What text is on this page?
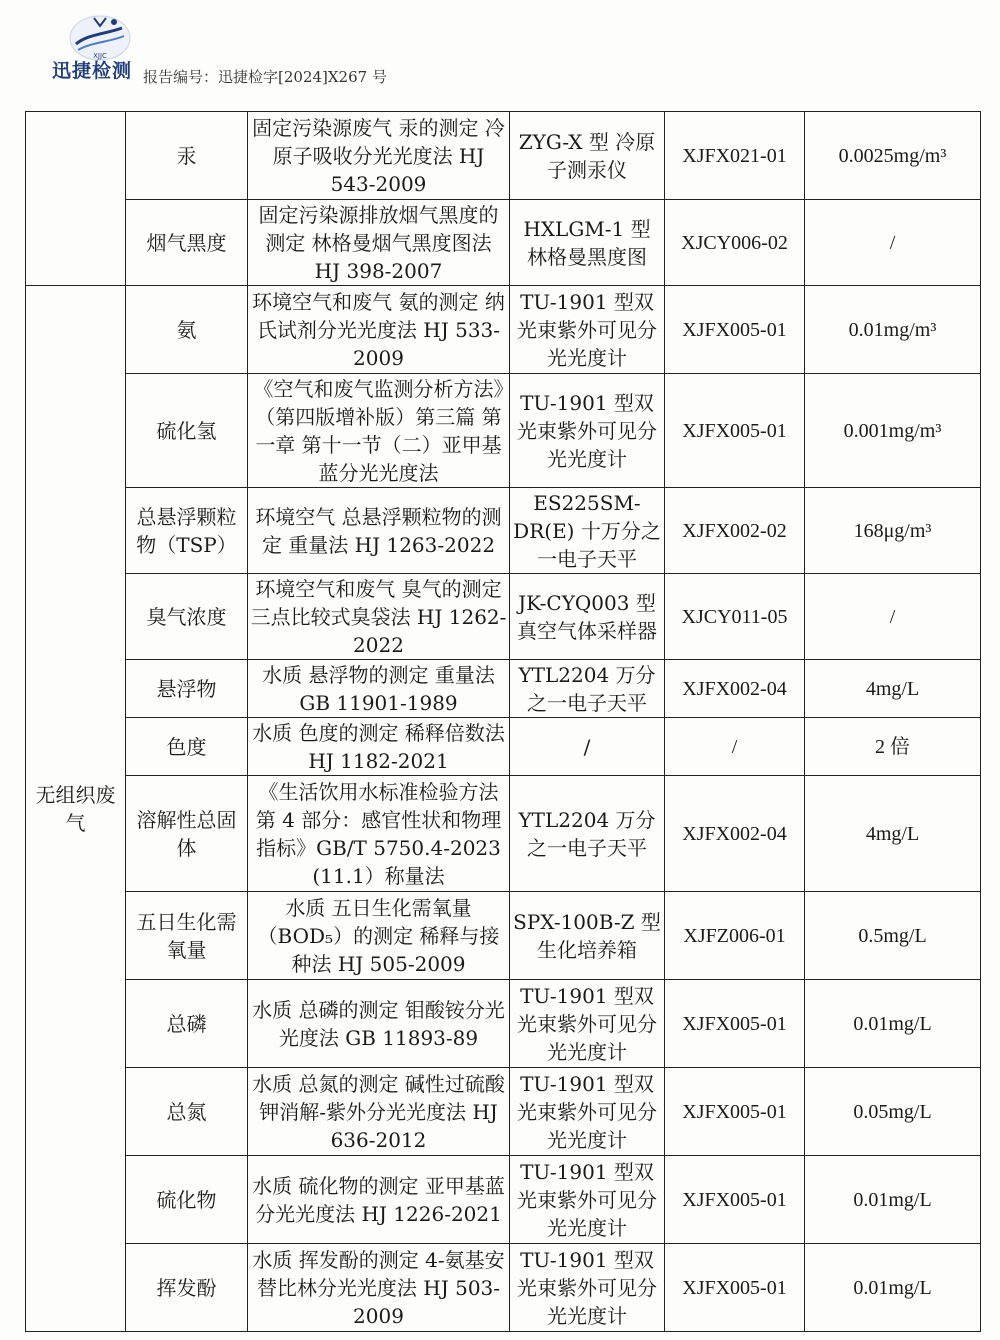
XJJC
迅捷检测 报告编号：迅捷检字[2024]X267 号
	汞	固定污染源废气 汞的测定 冷原子吸收分光光度法 HJ 543-2009	ZYG-X 型 冷原子测汞仪	XJFX021-01	0.0025mg/m³
	烟气黑度	固定污染源排放烟气黑度的测定 林格曼烟气黑度图法 HJ 398-2007	HXLGM-1 型 林格曼黑度图	XJCY006-02	/
无组织废气	氨	环境空气和废气 氨的测定 纳氏试剂分光光度法 HJ 533-2009	TU-1901 型双光束紫外可见分光光度计	XJFX005-01	0.01mg/m³
	硫化氢	《空气和废气监测分析方法》（第四版增补版）第三篇 第一章 第十一节（二）亚甲基蓝分光光度法	TU-1901 型双光束紫外可见分光光度计	XJFX005-01	0.001mg/m³
	总悬浮颗粒物（TSP）	环境空气 总悬浮颗粒物的测定 重量法 HJ 1263-2022	ES225SM-DR(E) 十万分之一电子天平	XJFX002-02	168μg/m³
	臭气浓度	环境空气和废气 臭气的测定 三点比较式臭袋法 HJ 1262-2022	JK-CYQ003 型真空气体采样器	XJCY011-05	/
	悬浮物	水质 悬浮物的测定 重量法 GB 11901-1989	YTL2204 万分之一电子天平	XJFX002-04	4mg/L
	色度	水质 色度的测定 稀释倍数法 HJ 1182-2021	/	/	2 倍
	溶解性总固体	《生活饮用水标准检验方法 第 4 部分：感官性状和物理指标》GB/T 5750.4-2023 (11.1）称量法	YTL2204 万分之一电子天平	XJFX002-04	4mg/L
	五日生化需氧量	水质 五日生化需氧量（BOD₅）的测定 稀释与接种法 HJ 505-2009	SPX-100B-Z 型 生化培养箱	XJFZ006-01	0.5mg/L
	总磷	水质 总磷的测定 钼酸铵分光光度法 GB 11893-89	TU-1901 型双光束紫外可见分光光度计	XJFX005-01	0.01mg/L
	总氮	水质 总氮的测定 碱性过硫酸钾消解-紫外分光光度法 HJ 636-2012	TU-1901 型双光束紫外可见分光光度计	XJFX005-01	0.05mg/L
	硫化物	水质 硫化物的测定 亚甲基蓝分光光度法 HJ 1226-2021	TU-1901 型双光束紫外可见分光光度计	XJFX005-01	0.01mg/L
	挥发酚	水质 挥发酚的测定 4-氨基安替比林分光光度法 HJ 503-2009	TU-1901 型双光束紫外可见分光光度计	XJFX005-01	0.01mg/L
